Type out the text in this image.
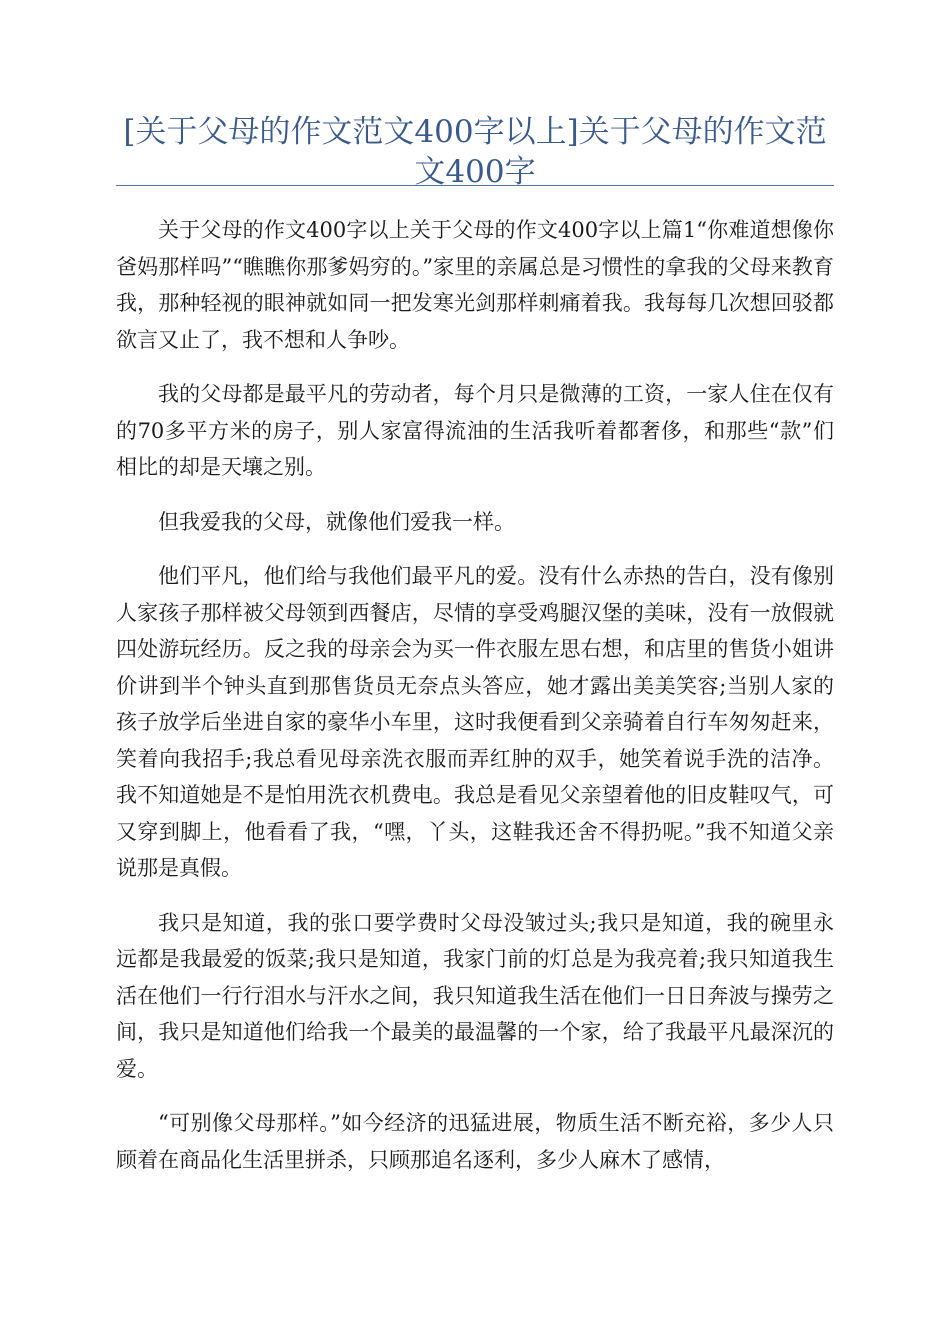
[关于父母的作文范文400字以上]关于父母的作文范文400字

关于父母的作文400字以上关于父母的作文400字以上篇1“你难道想像你爸妈那样吗”“瞧瞧你那爹妈穷的。”家里的亲属总是习惯性的拿我的父母来教育我，那种轻视的眼神就如同一把发寒光剑那样刺痛着我。我每每几次想回驳都欲言又止了，我不想和人争吵。

我的父母都是最平凡的劳动者，每个月只是微薄的工资，一家人住在仅有的70多平方米的房子，别人家富得流油的生活我听着都奢侈，和那些“款”们相比的却是天壤之别。

但我爱我的父母，就像他们爱我一样。

他们平凡，他们给与我他们最平凡的爱。没有什么赤热的告白，没有像别人家孩子那样被父母领到西餐店，尽情的享受鸡腿汉堡的美味，没有一放假就四处游玩经历。反之我的母亲会为买一件衣服左思右想，和店里的售货小姐讲价讲到半个钟头直到那售货员无奈点头答应，她才露出美美笑容;当别人家的孩子放学后坐进自家的豪华小车里，这时我便看到父亲骑着自行车匆匆赶来，笑着向我招手;我总看见母亲洗衣服而弄红肿的双手，她笑着说手洗的洁净。我不知道她是不是怕用洗衣机费电。我总是看见父亲望着他的旧皮鞋叹气，可又穿到脚上，他看看了我，“嘿，丫头，这鞋我还舍不得扔呢。”我不知道父亲说那是真假。

我只是知道，我的张口要学费时父母没皱过头;我只是知道，我的碗里永远都是我最爱的饭菜;我只是知道，我家门前的灯总是为我亮着;我只知道我生活在他们一行行泪水与汗水之间，我只知道我生活在他们一日日奔波与操劳之间，我只是知道他们给我一个最美的最温馨的一个家，给了我最平凡最深沉的爱。

“可别像父母那样。”如今经济的迅猛进展，物质生活不断充裕，多少人只顾着在商品化生活里拼杀，只顾那追名逐利，多少人麻木了感情，
